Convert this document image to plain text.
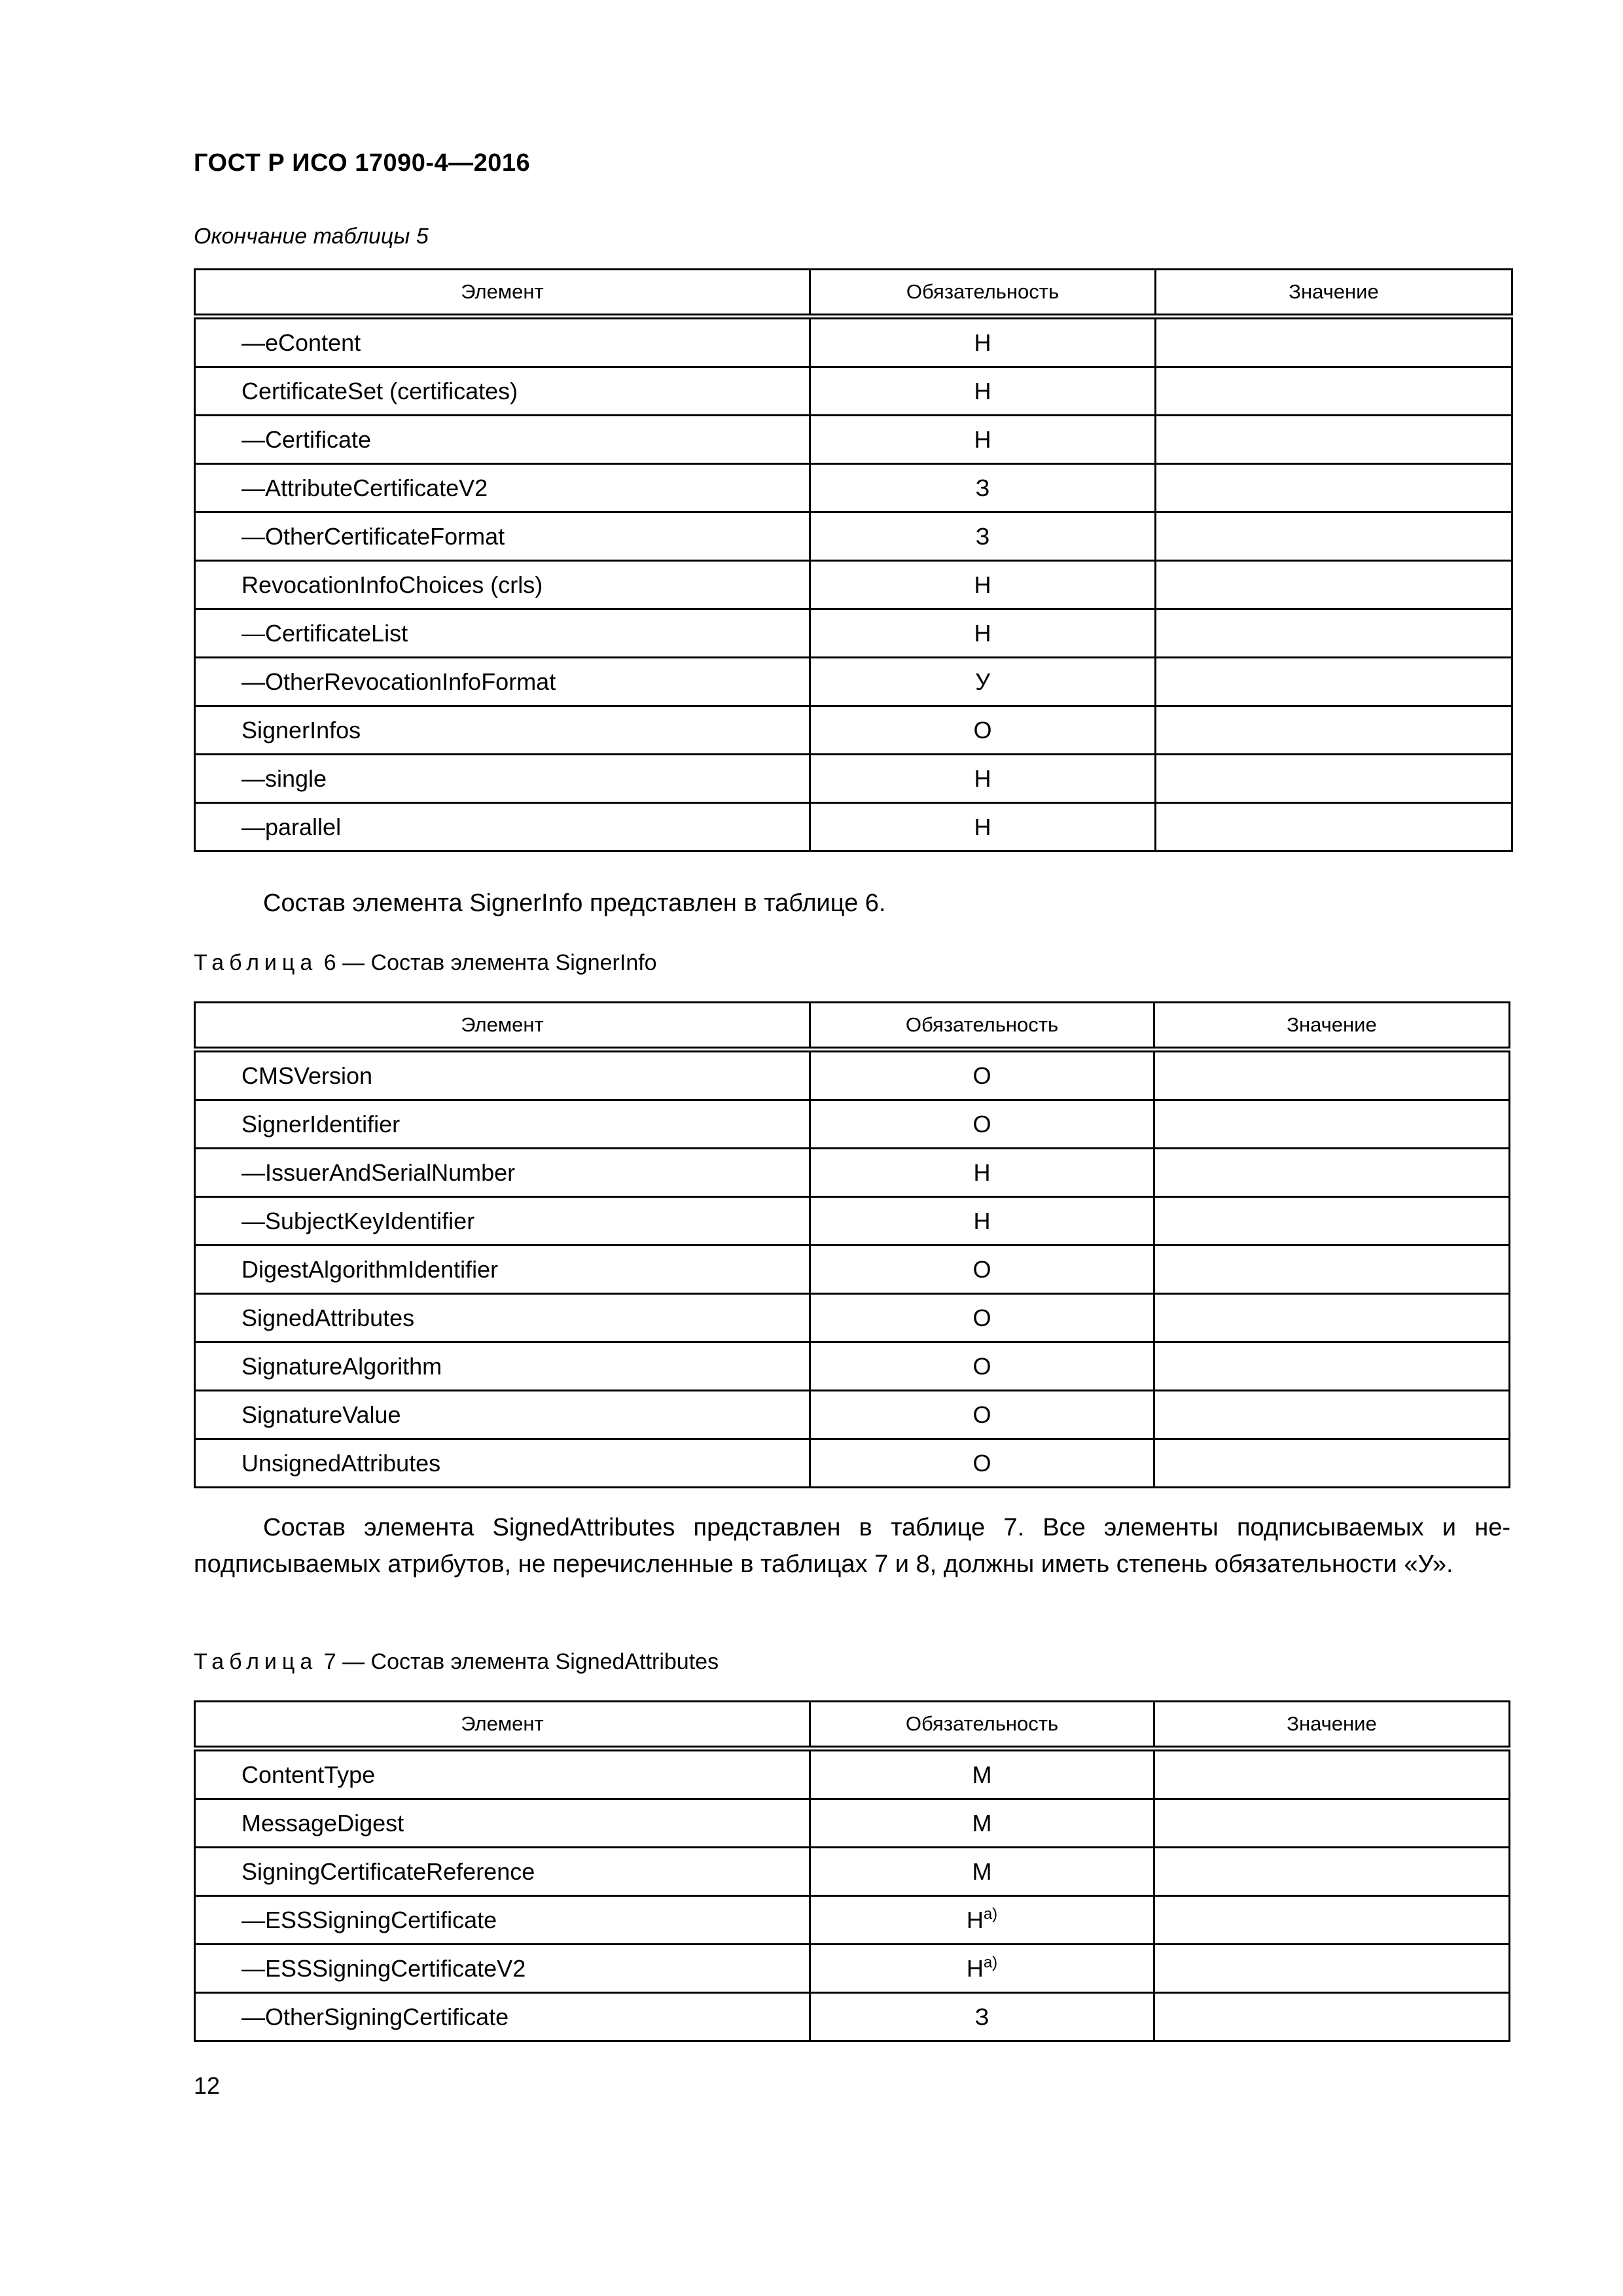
ГОСТ Р ИСО 17090-4—2016
Окончание таблицы 5
Элемент	Обязательность	Значение
—eContent	Н	
CertificateSet (certificates)	Н	
—Certificate	Н	
—AttributeCertificateV2	З	
—OtherCertificateFormat	З	
RevocationInfoChoices (crls)	Н	
—CertificateList	Н	
—OtherRevocationInfoFormat	У	
SignerInfos	О	
—single	Н	
—parallel	Н	
Состав элемента SignerInfo представлен в таблице 6.
Таблица 6 — Состав элемента SignerInfo
Элемент	Обязательность	Значение
CMSVersion	О	
SignerIdentifier	О	
—IssuerAndSerialNumber	Н	
—SubjectKeyIdentifier	Н	
DigestAlgorithmIdentifier	О	
SignedAttributes	О	
SignatureAlgorithm	О	
SignatureValue	О	
UnsignedAttributes	О	
Состав элемента SignedAttributes представлен в таблице 7. Все элементы подписываемых и неподписываемых атрибутов, не перечисленные в таблицах 7 и 8, должны иметь степень обязательности «У».
Таблица 7 — Состав элемента SignedAttributes
Элемент	Обязательность	Значение
ContentType	М	
MessageDigest	М	
SigningCertificateReference	М	
—ESSSigningCertificate	$Н^{a)}$	
—ESSSigningCertificateV2	$Н^{a)}$	
—OtherSigningCertificate	З	
12
